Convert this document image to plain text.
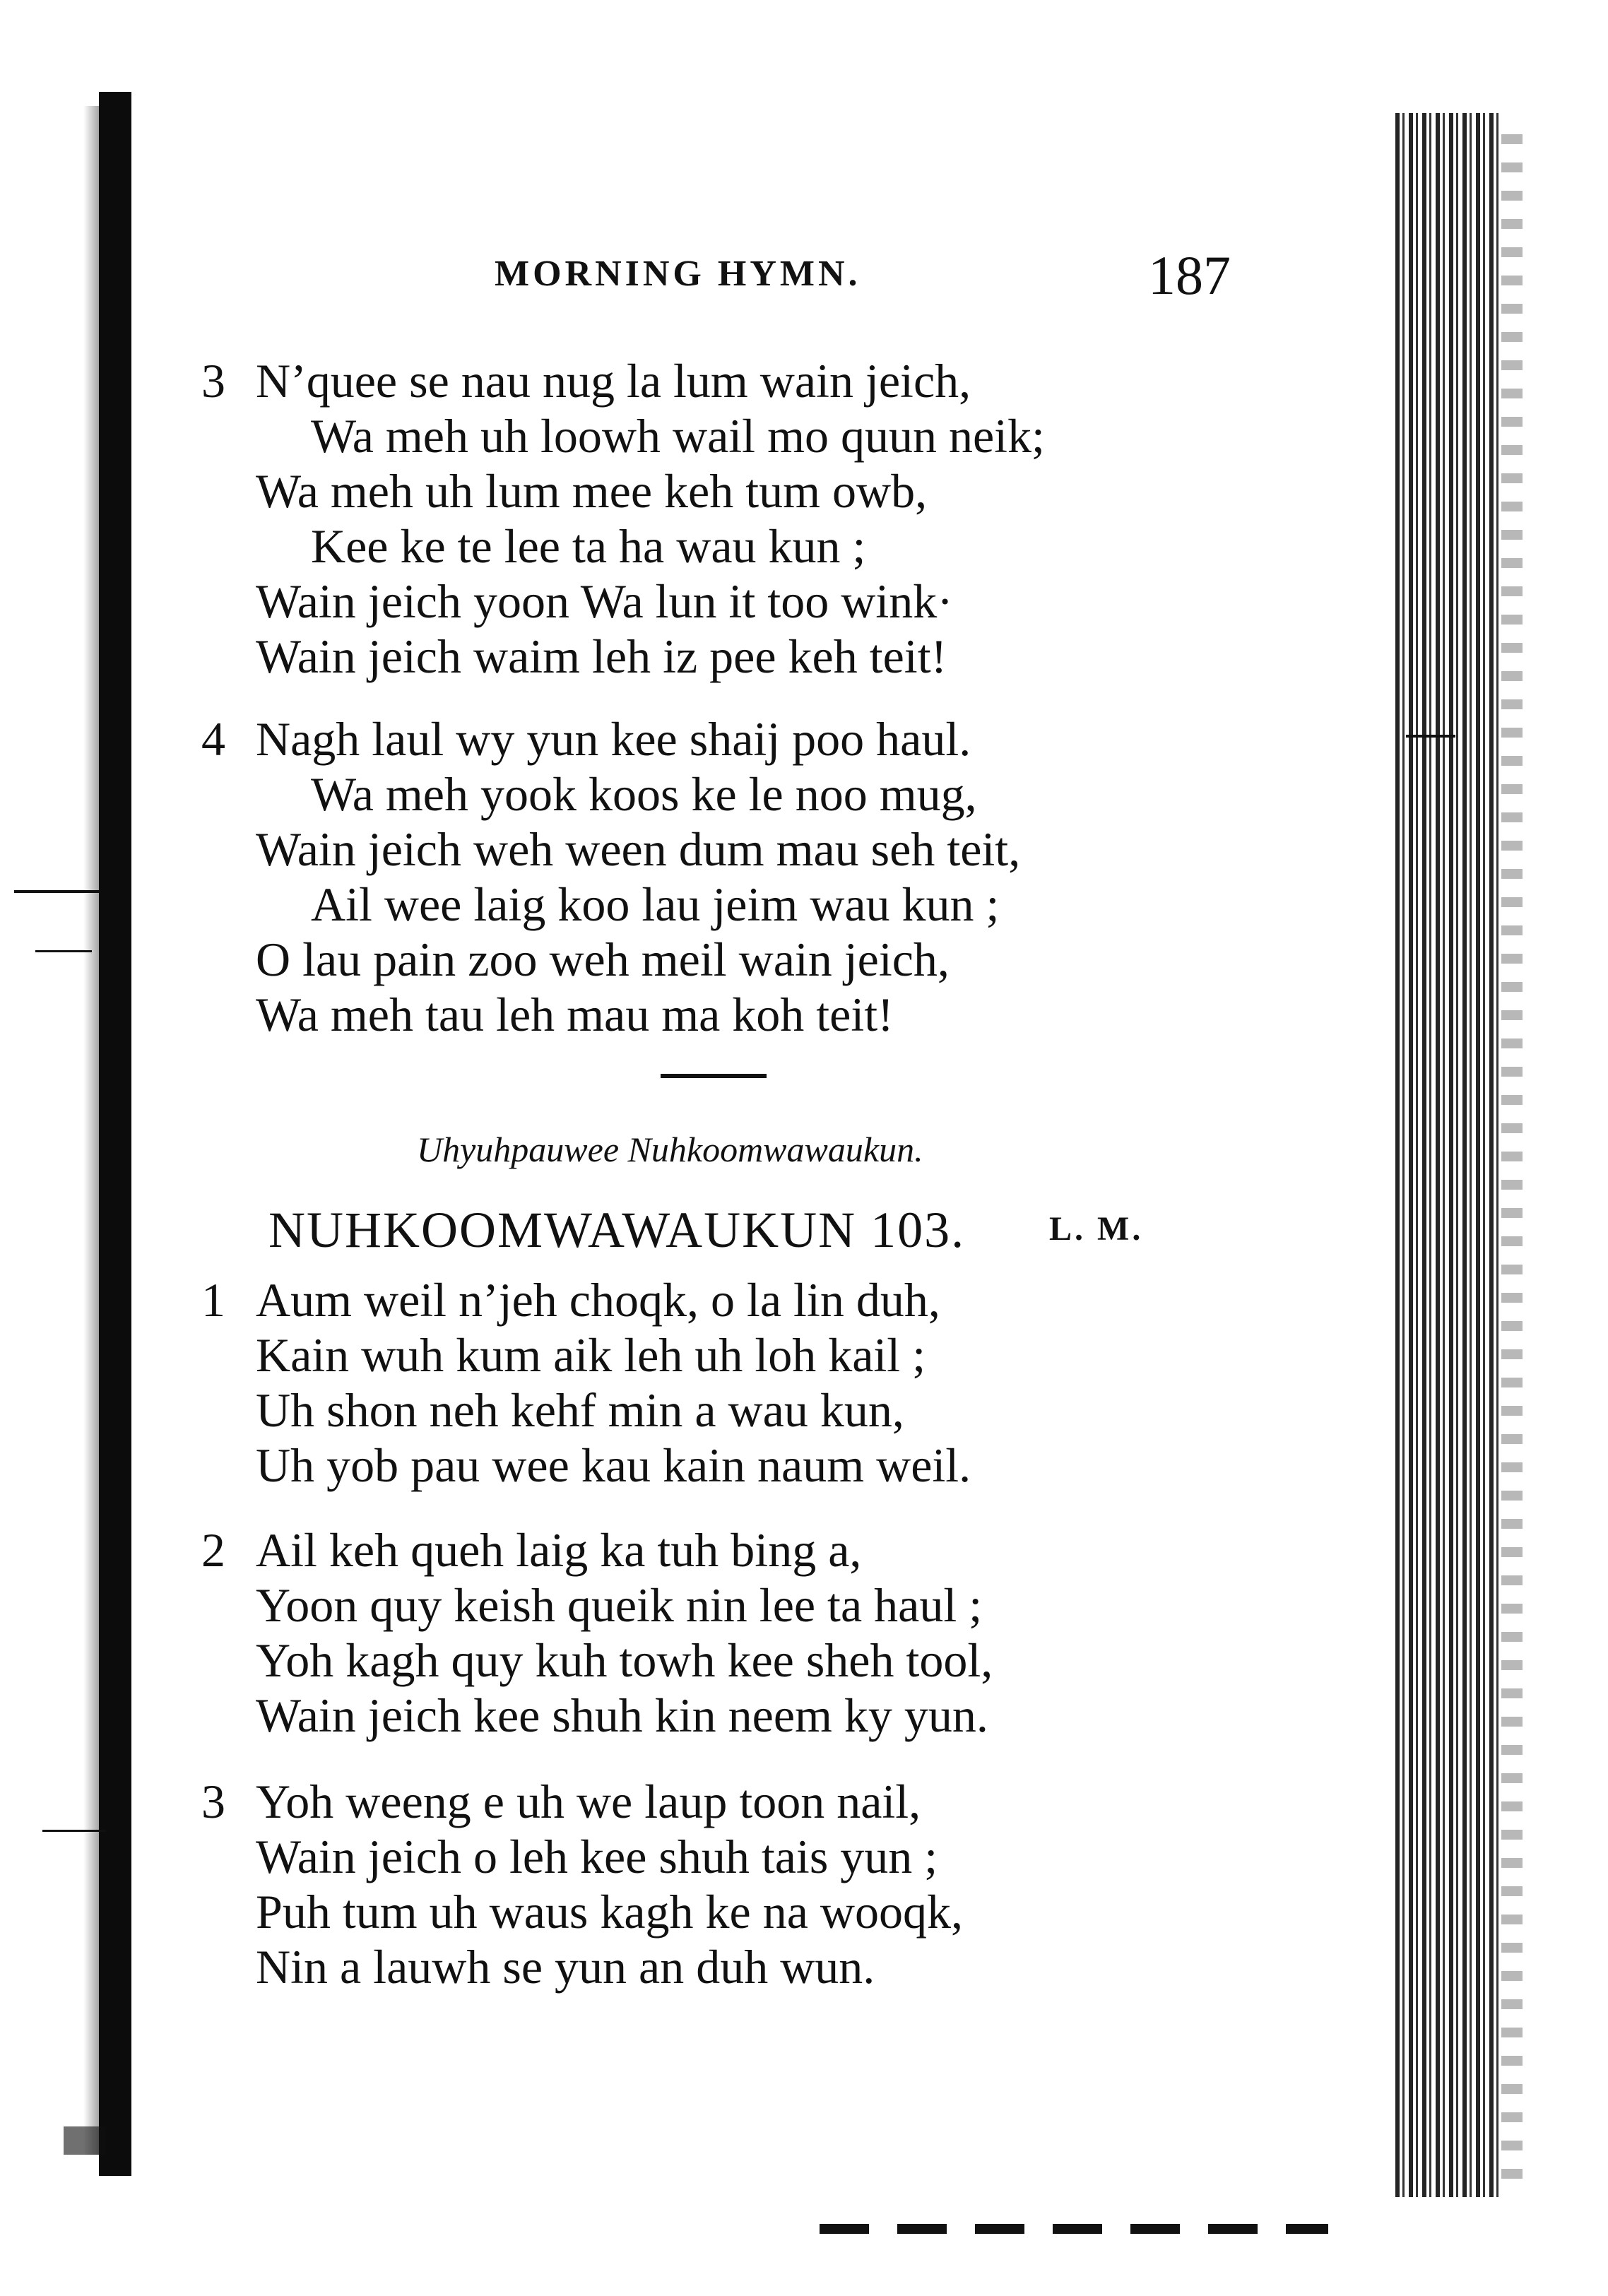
MORNING HYMN.	187
3 N’quee se nau nug la lum wain jeich,
Wa meh uh loowh wail mo quun neik;
Wa meh uh lum mee keh tum owb,
Kee ke te lee ta ha wau kun ;
Wain jeich yoon Wa lun it too wink·
Wain jeich waim leh iz pee keh teit!
4 Nagh laul wy yun kee shaij poo haul.
Wa meh yook koos ke le noo mug,
Wain jeich weh ween dum mau seh teit,
Ail wee laig koo lau jeim wau kun ;
O lau pain zoo weh meil wain jeich,
Wa meh tau leh mau ma koh teit!
Uhyuhpauwee Nuhkoomwawaukun.
NUHKOOMWAWAUKUN 103. L. M.
1 Aum weil n’jeh choqk, o la lin duh,
Kain wuh kum aik leh uh loh kail ;
Uh shon neh kehf min a wau kun,
Uh yob pau wee kau kain naum weil.
2 Ail keh queh laig ka tuh bing a,
Yoon quy keish queik nin lee ta haul ;
Yoh kagh quy kuh towh kee sheh tool,
Wain jeich kee shuh kin neem ky yun.
3 Yoh weeng e uh we laup toon nail,
Wain jeich o leh kee shuh tais yun ;
Puh tum uh waus kagh ke na wooqk,
Nin a lauwh se yun an duh wun.
